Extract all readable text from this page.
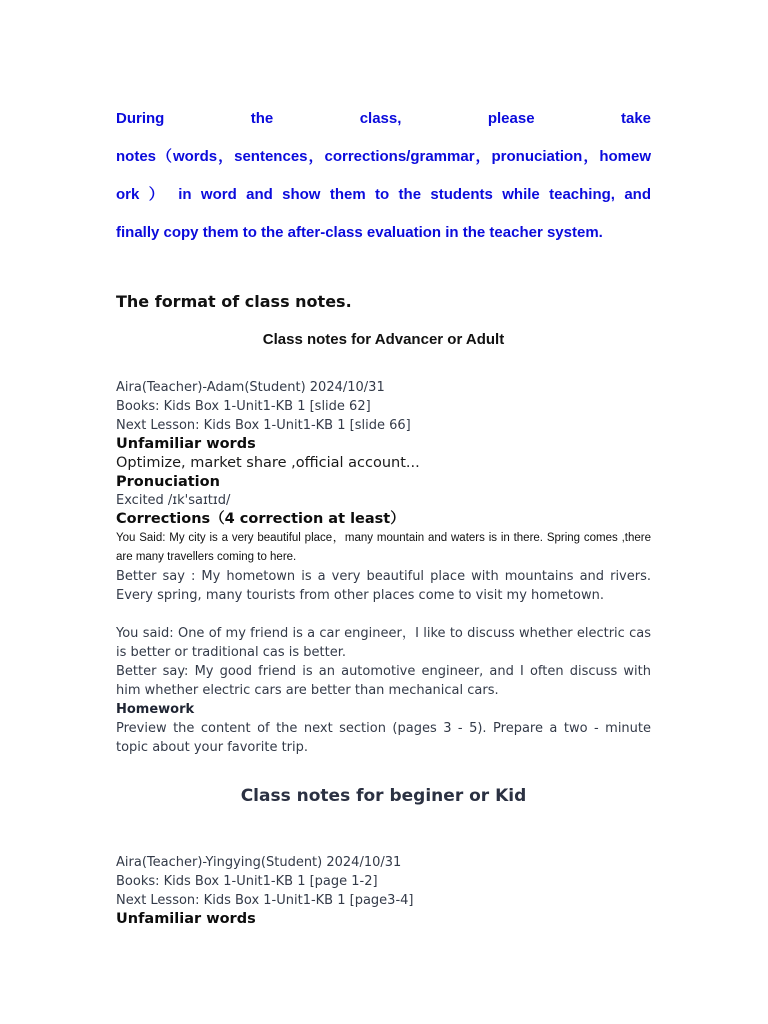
During the class, please take
notes（words，sentences，corrections/grammar，pronuciation，homew
ork ） in word and show them to the students while teaching, and
finally copy them to the after-class evaluation in the teacher system.
The format of class notes.
Class notes for Advancer or Adult
Aira(Teacher)-Adam(Student) 2024/10/31
Books: Kids Box 1-Unit1-KB 1 [slide 62]
Next Lesson: Kids Box 1-Unit1-KB 1 [slide 66]
Unfamiliar words
Optimize, market share ,official account...
Pronuciation
Excited /ɪk'saɪtɪd/
Corrections（4 correction at least）
You Said: My city is a very beautiful place，many mountain and waters is in there. Spring comes ,there are many travellers coming to here.
Better say : My hometown is a very beautiful place with mountains and rivers. Every spring, many tourists from other places come to visit my hometown.
You said: One of my friend is a car engineer，I like to discuss whether electric cas is better or traditional cas is better.
Better say: My good friend is an automotive engineer, and I often discuss with him whether electric cars are better than mechanical cars.
Homework
Preview the content of the next section (pages 3 - 5). Prepare a two - minute topic about your favorite trip.
Class notes for beginer or Kid
Aira(Teacher)-Yingying(Student) 2024/10/31
Books: Kids Box 1-Unit1-KB 1 [page 1-2]
Next Lesson: Kids Box 1-Unit1-KB 1 [page3-4]
Unfamiliar words
